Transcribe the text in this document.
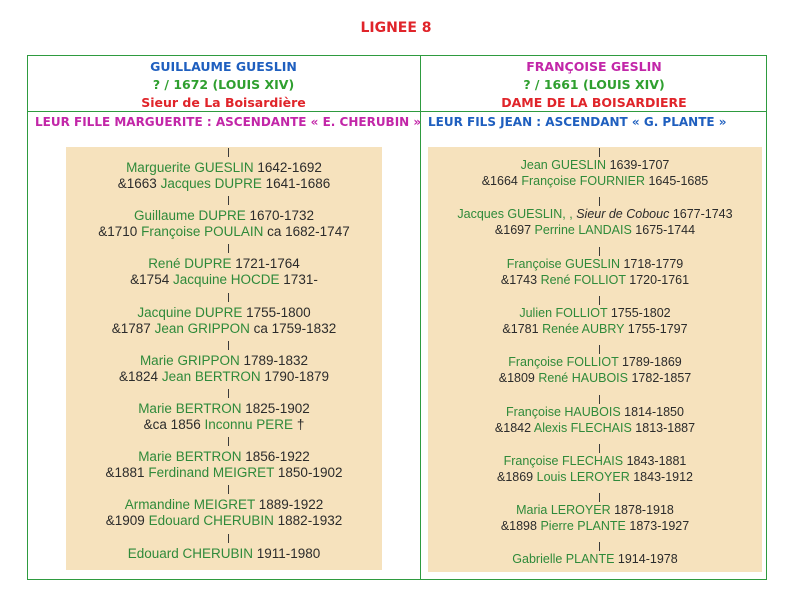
LIGNEE 8
GUILLAUME GUESLIN
? / 1672 (LOUIS XIV)
Sieur de La Boisardière
FRANÇOISE GESLIN
? / 1661 (LOUIS XIV)
DAME DE LA BOISARDIERE
LEUR FILLE MARGUERITE : ASCENDANTE « E. CHERUBIN » LEUR FILS JEAN : ASCENDANT « G. PLANTE »
Marguerite GUESLIN 1642-1692
&1663 Jacques DUPRE 1641-1686
Guillaume DUPRE 1670-1732
&1710 Françoise POULAIN ca 1682-1747
René DUPRE 1721-1764
&1754 Jacquine HOCDE 1731-
Jacquine DUPRE 1755-1800
&1787 Jean GRIPPON ca 1759-1832
Marie GRIPPON 1789-1832
&1824 Jean BERTRON 1790-1879
Marie BERTRON 1825-1902
&ca 1856 Inconnu PERE †
Marie BERTRON 1856-1922
&1881 Ferdinand MEIGRET 1850-1902
Armandine MEIGRET 1889-1922
&1909 Edouard CHERUBIN 1882-1932
Edouard CHERUBIN 1911-1980
Jean GUESLIN 1639-1707
&1664 Françoise FOURNIER 1645-1685
Jacques GUESLIN, , Sieur de Cobouc 1677-1743
&1697 Perrine LANDAIS 1675-1744
Françoise GUESLIN 1718-1779
&1743 René FOLLIOT 1720-1761
Julien FOLLIOT 1755-1802
&1781 Renée AUBRY 1755-1797
Françoise FOLLIOT 1789-1869
&1809 René HAUBOIS 1782-1857
Françoise HAUBOIS 1814-1850
&1842 Alexis FLECHAIS 1813-1887
Françoise FLECHAIS 1843-1881
&1869 Louis LEROYER 1843-1912
Maria LEROYER 1878-1918
&1898 Pierre PLANTE 1873-1927
Gabrielle PLANTE 1914-1978
